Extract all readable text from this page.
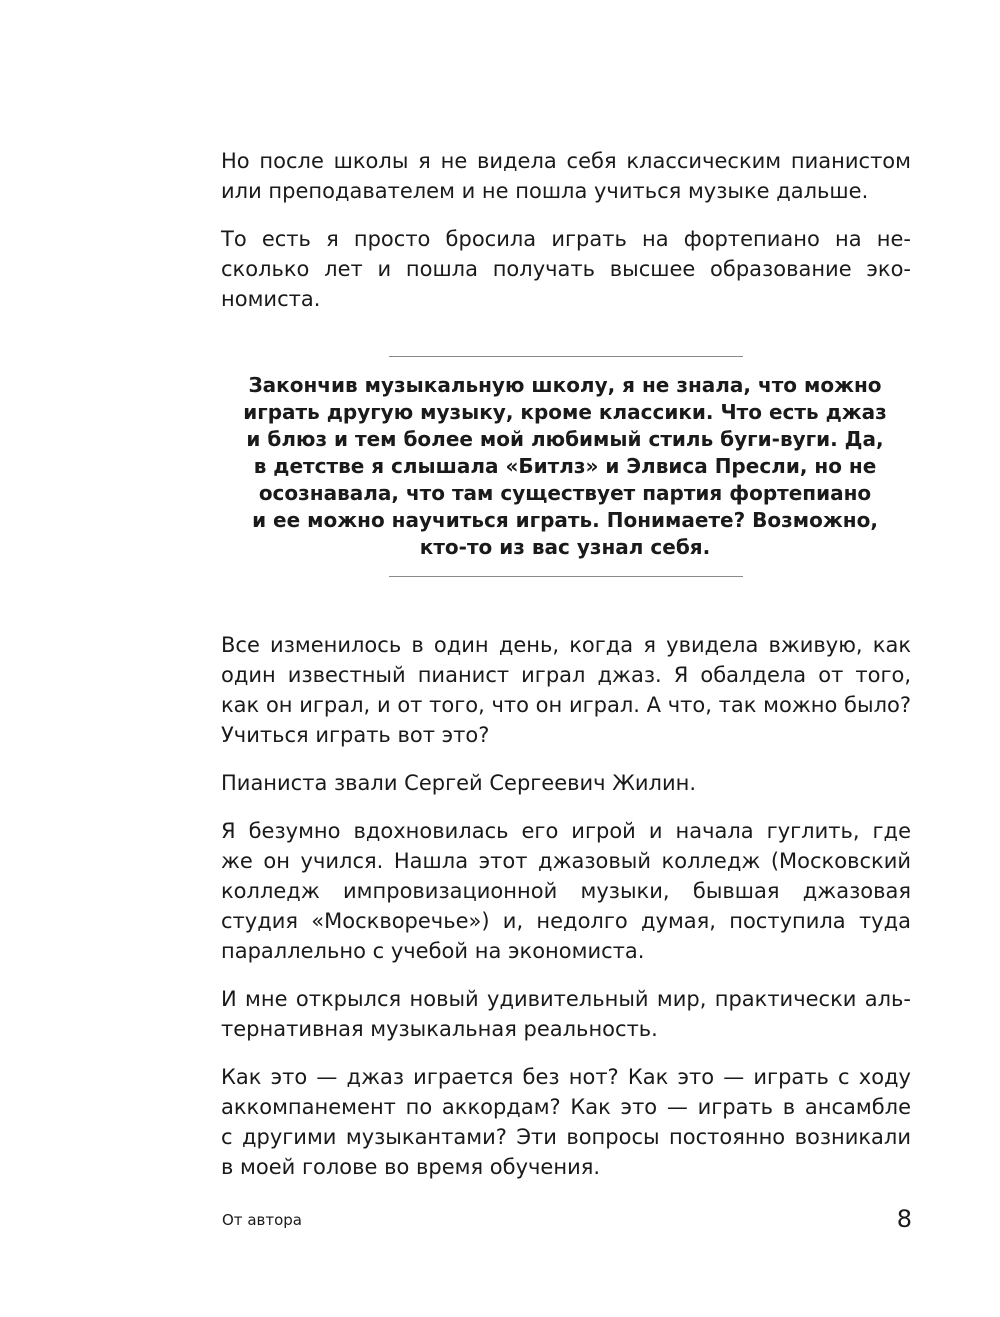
Но после школы я не видела себя классическим пианистом
или преподавателем и не пошла учиться музыке дальше.
То есть я просто бросила играть на фортепиано на не-
сколько лет и пошла получать высшее образование эко-
номиста.
Закончив музыкальную школу, я не знала, что можно
играть другую музыку, кроме классики. Что есть джаз
и блюз и тем более мой любимый стиль буги-вуги. Да,
в детстве я слышала «Битлз» и Элвиса Пресли, но не
осознавала, что там существует партия фортепиано
и ее можно научиться играть. Понимаете? Возможно,
кто-то из вас узнал себя.
Все изменилось в один день, когда я увидела вживую, как
один известный пианист играл джаз. Я обалдела от того,
как он играл, и от того, что он играл. А что, так можно было?
Учиться играть вот это?
Пианиста звали Сергей Сергеевич Жилин.
Я безумно вдохновилась его игрой и начала гуглить, где
же он учился. Нашла этот джазовый колледж (Московский
колледж импровизационной музыки, бывшая джазовая
студия «Москворечье») и, недолго думая, поступила туда
параллельно с учебой на экономиста.
И мне открылся новый удивительный мир, практически аль-
тернативная музыкальная реальность.
Как это — джаз играется без нот? Как это — играть с ходу
аккомпанемент по аккордам? Как это — играть в ансамбле
с другими музыкантами? Эти вопросы постоянно возникали
в моей голове во время обучения.
От автора	8
